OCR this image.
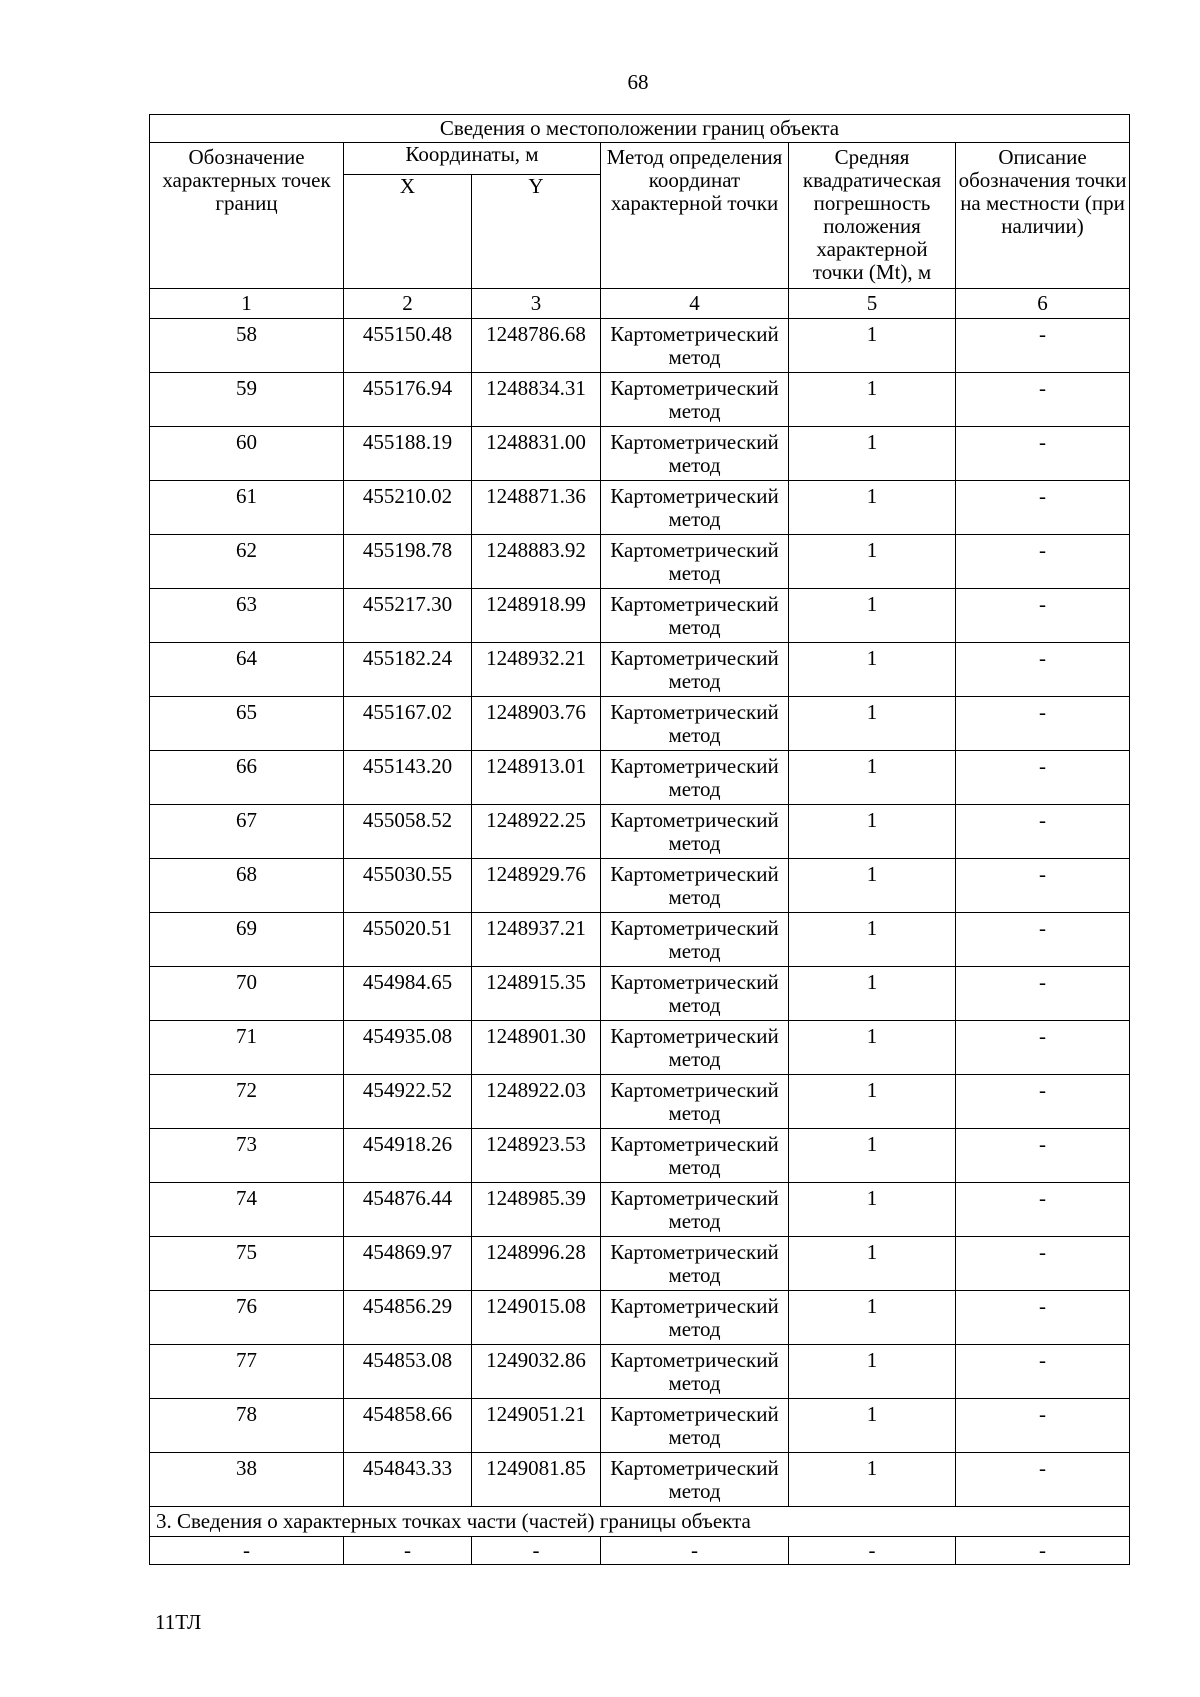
68
Сведения о местоположении границ объекта					

Обозначение характерных точек границ	Координаты, м		Метод определения координат характерной точки	Средняя квадратическая погрешность положения характерной точки (Mt), м	Описание обозначения точки на местности (при наличии)

	X	Y			
1	2	3	4	5	6

58	455150.48	1248786.68	Картометрический метод	1	-

59	455176.94	1248834.31	Картометрический метод	1	-

60	455188.19	1248831.00	Картометрический метод	1	-

61	455210.02	1248871.36	Картометрический метод	1	-

62	455198.78	1248883.92	Картометрический метод	1	-

63	455217.30	1248918.99	Картометрический метод	1	-

64	455182.24	1248932.21	Картометрический метод	1	-

65	455167.02	1248903.76	Картометрический метод	1	-

66	455143.20	1248913.01	Картометрический метод	1	-

67	455058.52	1248922.25	Картометрический метод	1	-

68	455030.55	1248929.76	Картометрический метод	1	-

69	455020.51	1248937.21	Картометрический метод	1	-

70	454984.65	1248915.35	Картометрический метод	1	-

71	454935.08	1248901.30	Картометрический метод	1	-

72	454922.52	1248922.03	Картометрический метод	1	-

73	454918.26	1248923.53	Картометрический метод	1	-

74	454876.44	1248985.39	Картометрический метод	1	-

75	454869.97	1248996.28	Картометрический метод	1	-

76	454856.29	1249015.08	Картометрический метод	1	-

77	454853.08	1249032.86	Картометрический метод	1	-

78	454858.66	1249051.21	Картометрический метод	1	-

38	454843.33	1249081.85	Картометрический метод	1	-

3. Сведения о характерных точках части (частей) границы объекта					
-	-	-	-	-	-
11ТЛ
